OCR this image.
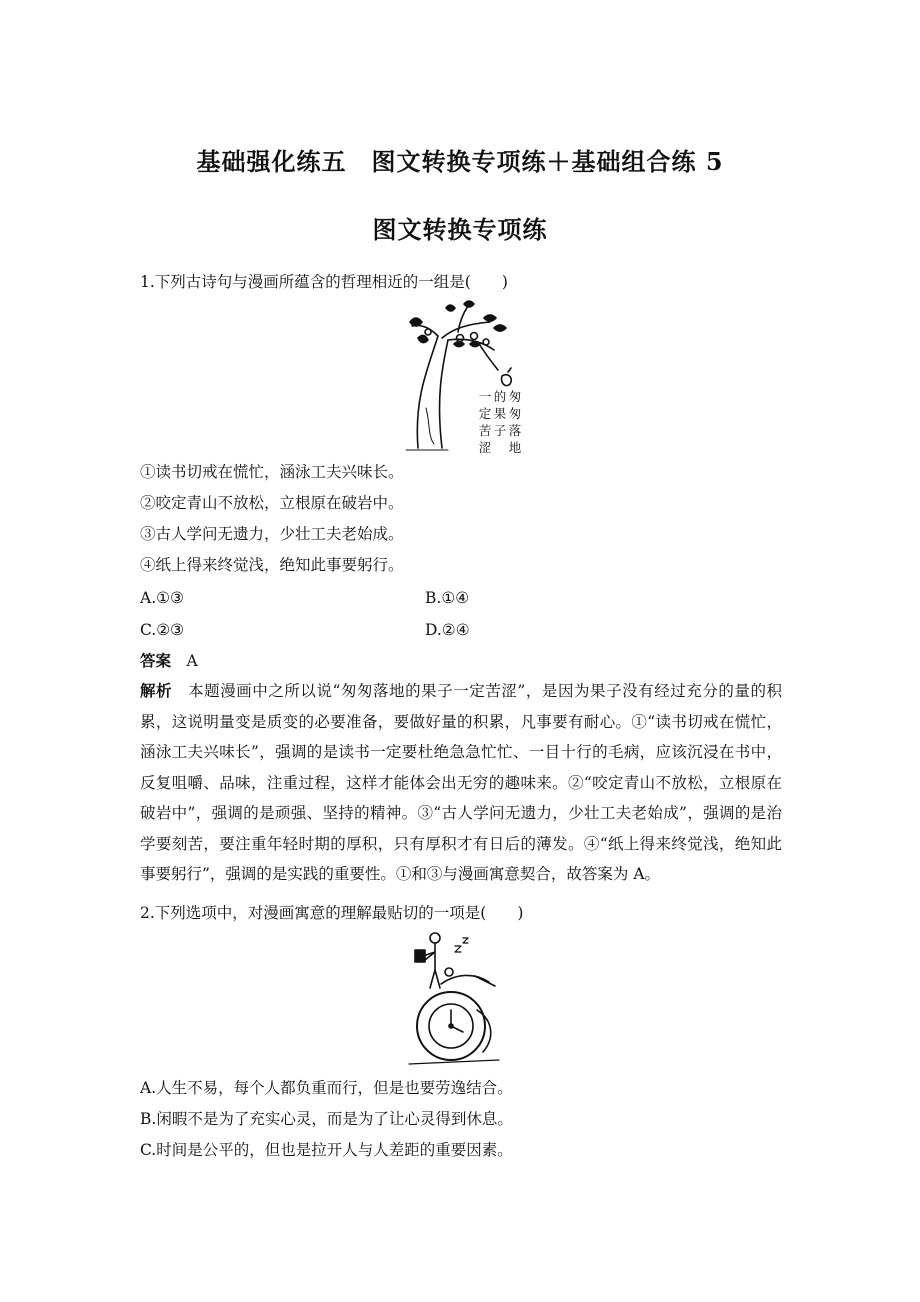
基础强化练五　图文转换专项练＋基础组合练 5
图文转换专项练
1.下列古诗句与漫画所蕴含的哲理相近的一组是(　　)
匆匆落地
的果子
一定苦涩
①读书切戒在慌忙，涵泳工夫兴味长。
②咬定青山不放松，立根原在破岩中。
③古人学问无遗力，少壮工夫老始成。
④纸上得来终觉浅，绝知此事要躬行。
A.①③	B.①④
C.②③	D.②④
答案　 A
解析　 本题漫画中之所以说“匆匆落地的果子一定苦涩”，是因为果子没有经过充分的量的积累，这说明量变是质变的必要准备，要做好量的积累，凡事要有耐心。①“读书切戒在慌忙，涵泳工夫兴味长”，强调的是读书一定要杜绝急急忙忙、一目十行的毛病，应该沉浸在书中，反复咀嚼、品味，注重过程，这样才能体会出无穷的趣味来。②“咬定青山不放松，立根原在破岩中”，强调的是顽强、坚持的精神。③“古人学问无遗力，少壮工夫老始成”，强调的是治学要刻苦，要注重年轻时期的厚积，只有厚积才有日后的薄发。④“纸上得来终觉浅，绝知此事要躬行”，强调的是实践的重要性。①和③与漫画寓意契合，故答案为 A。
2.下列选项中，对漫画寓意的理解最贴切的一项是(　　)
A.人生不易，每个人都负重而行，但是也要劳逸结合。
B.闲暇不是为了充实心灵，而是为了让心灵得到休息。
C.时间是公平的，但也是拉开人与人差距的重要因素。
